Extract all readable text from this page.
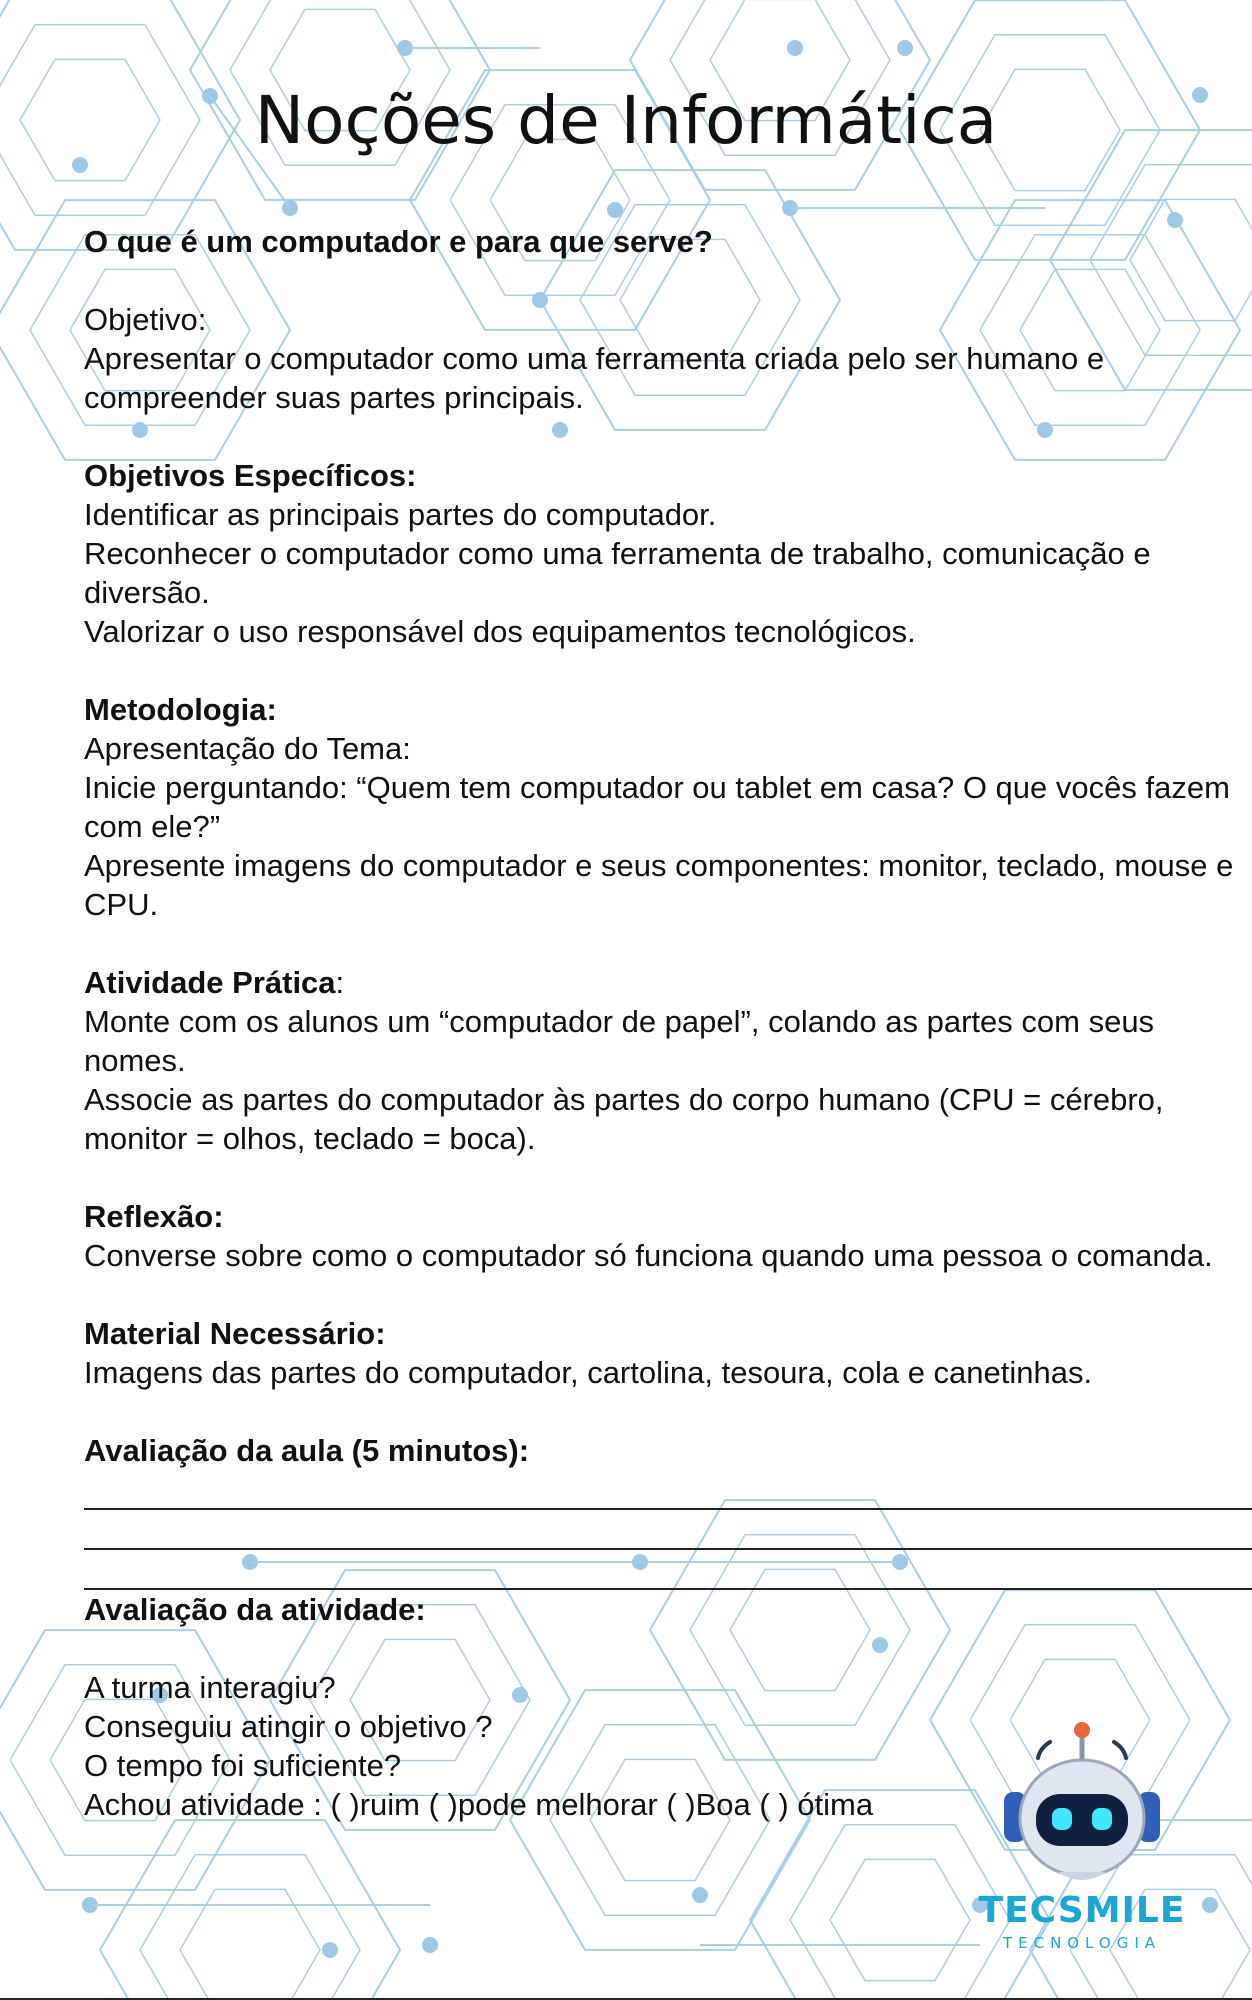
Noções de Informática

O que é um computador e para que serve?

Objetivo:

Apresentar o computador como uma ferramenta criada pelo ser humano e compreender suas partes principais.

Objetivos Específicos:

Identificar as principais partes do computador.

Reconhecer o computador como uma ferramenta de trabalho, comunicação e diversão.

Valorizar o uso responsável dos equipamentos tecnológicos.

Metodologia:

Apresentação do Tema:

Inicie perguntando: “Quem tem computador ou tablet em casa? O que vocês fazem com ele?”

Apresente imagens do computador e seus componentes: monitor, teclado, mouse e CPU.

Atividade Prática:

Monte com os alunos um “computador de papel”, colando as partes com seus nomes.

Associe as partes do computador às partes do corpo humano (CPU = cérebro, monitor = olhos, teclado = boca).

Reflexão:

Converse sobre como o computador só funciona quando uma pessoa o comanda.

Material Necessário:

Imagens das partes do computador, cartolina, tesoura, cola e canetinhas.

Avaliação da aula (5 minutos):

Avaliação da atividade:

A turma interagiu?

Conseguiu atingir o objetivo ?

O tempo foi suficiente?

Achou atividade : ( )ruim ( )pode melhorar ( )Boa ( ) ótima

TECSMILE
TECNOLOGIA
